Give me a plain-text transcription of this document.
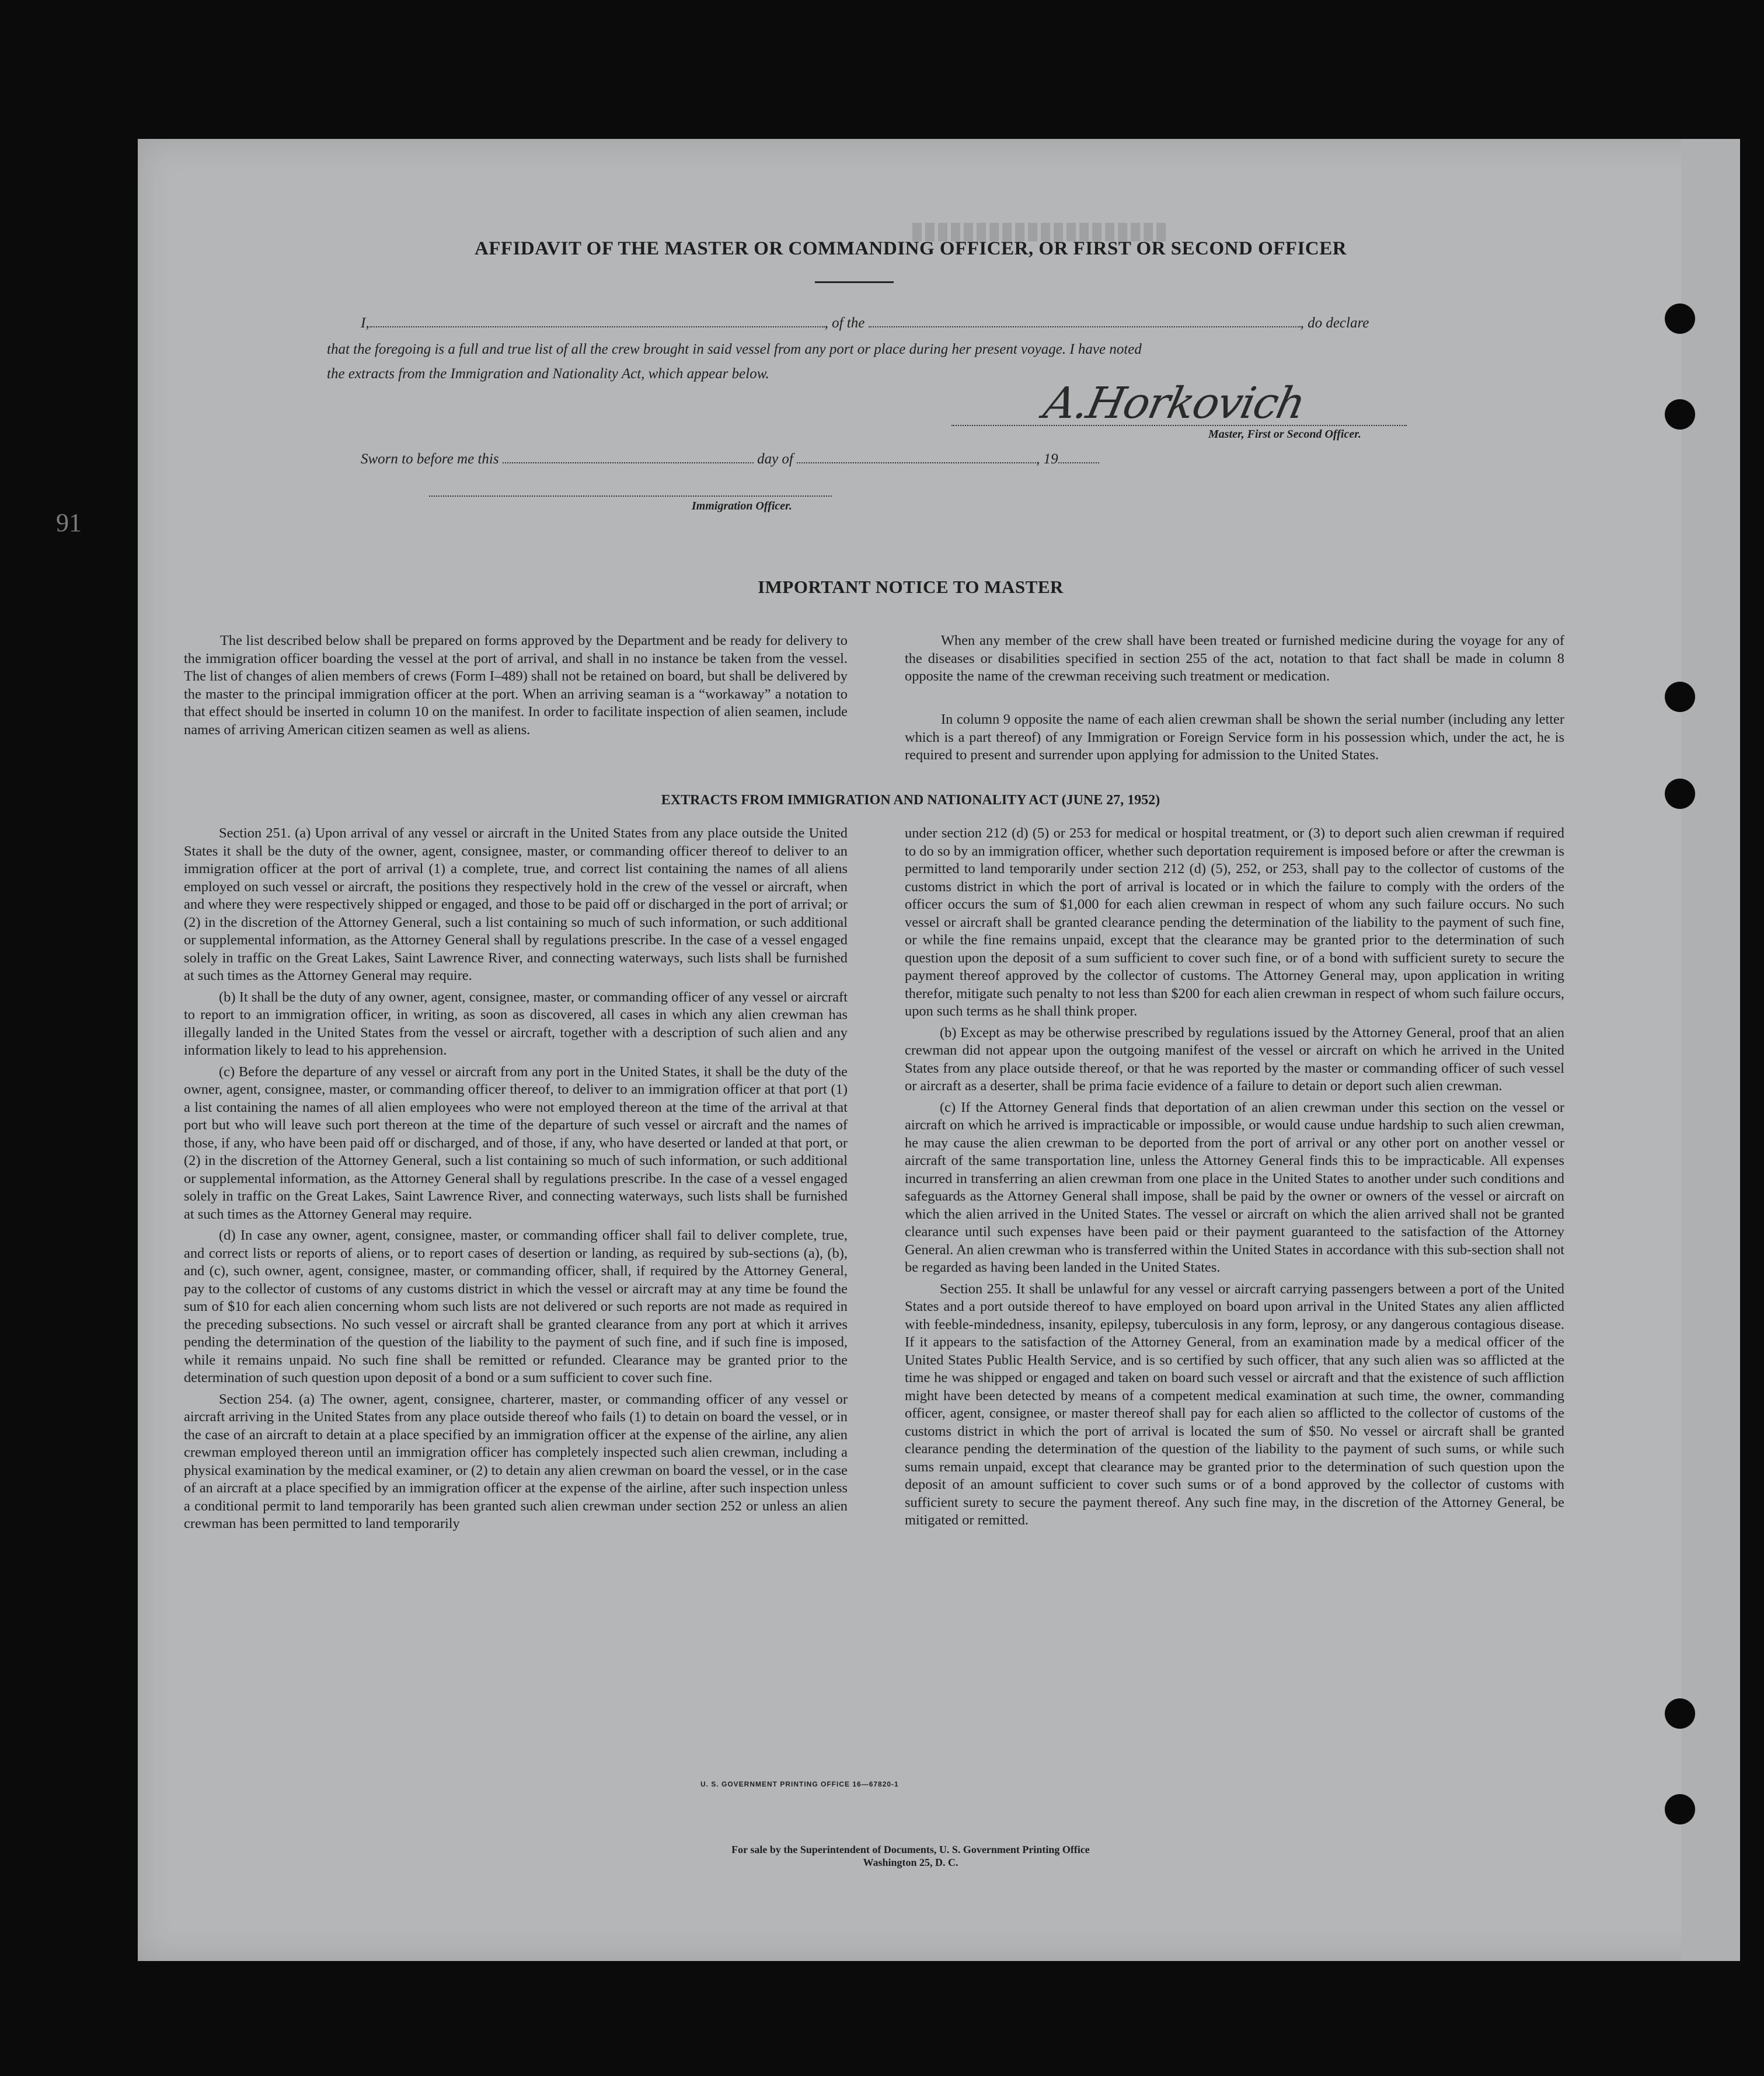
▮▮▮▮▮▮▮▮▮▮▮▮▮▮▮▮▮▮▮▮
91
AFFIDAVIT OF THE MASTER OR COMMANDING OFFICER, OR FIRST OR SECOND OFFICER
I,	, of the	, do declare
that the foregoing is a full and true list of all the crew brought in said vessel from any port or place during her present voyage. I have noted
the extracts from the Immigration and Nationality Act, which appear below.
A.Horkovich
Master, First or Second Officer.
Sworn to before me this	day of	, 19
Immigration Officer.
IMPORTANT NOTICE TO MASTER

The list described below shall be prepared on forms approved by the Department and be ready for delivery to the immigration officer boarding the vessel at the port of arrival, and shall in no instance be taken from the vessel. The list of changes of alien members of crews (Form I–489) shall not be retained on board, but shall be delivered by the master to the principal immigration officer at the port. When an arriving seaman is a “workaway” a notation to that effect should be inserted in column 10 on the manifest. In order to facilitate inspection of alien seamen, include names of arriving American citizen seamen as well as aliens.

When any member of the crew shall have been treated or furnished medicine during the voyage for any of the diseases or disabilities specified in section 255 of the act, notation to that fact shall be made in column 8 opposite the name of the crewman receiving such treatment or medication.

In column 9 opposite the name of each alien crewman shall be shown the serial number (including any letter which is a part thereof) of any Immigration or Foreign Service form in his possession which, under the act, he is required to present and surrender upon applying for admission to the United States.

EXTRACTS FROM IMMIGRATION AND NATIONALITY ACT (JUNE 27, 1952)

Section 251. (a) Upon arrival of any vessel or aircraft in the United States from any place outside the United States it shall be the duty of the owner, agent, consignee, master, or commanding officer thereof to deliver to an immigration officer at the port of arrival (1) a complete, true, and correct list containing the names of all aliens employed on such vessel or aircraft, the positions they respectively hold in the crew of the vessel or aircraft, when and where they were respectively shipped or engaged, and those to be paid off or discharged in the port of arrival; or (2) in the discretion of the Attorney General, such a list containing so much of such information, or such additional or supplemental information, as the Attorney General shall by regulations prescribe. In the case of a vessel engaged solely in traffic on the Great Lakes, Saint Lawrence River, and connecting waterways, such lists shall be furnished at such times as the Attorney General may require.

(b) It shall be the duty of any owner, agent, consignee, master, or commanding officer of any vessel or aircraft to report to an immigration officer, in writing, as soon as discovered, all cases in which any alien crewman has illegally landed in the United States from the vessel or aircraft, together with a description of such alien and any information likely to lead to his apprehension.

(c) Before the departure of any vessel or aircraft from any port in the United States, it shall be the duty of the owner, agent, consignee, master, or commanding officer thereof, to deliver to an immigration officer at that port (1) a list containing the names of all alien employees who were not employed thereon at the time of the arrival at that port but who will leave such port thereon at the time of the departure of such vessel or aircraft and the names of those, if any, who have been paid off or discharged, and of those, if any, who have deserted or landed at that port, or (2) in the discretion of the Attorney General, such a list containing so much of such information, or such additional or supplemental information, as the Attorney General shall by regulations prescribe. In the case of a vessel engaged solely in traffic on the Great Lakes, Saint Lawrence River, and connecting waterways, such lists shall be furnished at such times as the Attorney General may require.

(d) In case any owner, agent, consignee, master, or commanding officer shall fail to deliver complete, true, and correct lists or reports of aliens, or to report cases of desertion or landing, as required by sub-sections (a), (b), and (c), such owner, agent, consignee, master, or commanding officer, shall, if required by the Attorney General, pay to the collector of customs of any customs district in which the vessel or aircraft may at any time be found the sum of $10 for each alien concerning whom such lists are not delivered or such reports are not made as required in the preceding subsections. No such vessel or aircraft shall be granted clearance from any port at which it arrives pending the determination of the question of the liability to the payment of such fine, and if such fine is imposed, while it remains unpaid. No such fine shall be remitted or refunded. Clearance may be granted prior to the determination of such question upon deposit of a bond or a sum sufficient to cover such fine.

Section 254. (a) The owner, agent, consignee, charterer, master, or commanding officer of any vessel or aircraft arriving in the United States from any place outside thereof who fails (1) to detain on board the vessel, or in the case of an aircraft to detain at a place specified by an immigration officer at the expense of the airline, any alien crewman employed thereon until an immigration officer has completely inspected such alien crewman, including a physical examination by the medical examiner, or (2) to detain any alien crewman on board the vessel, or in the case of an aircraft at a place specified by an immigration officer at the expense of the airline, after such inspection unless a conditional permit to land temporarily has been granted such alien crewman under section 252 or unless an alien crewman has been permitted to land temporarily

under section 212 (d) (5) or 253 for medical or hospital treatment, or (3) to deport such alien crewman if required to do so by an immigration officer, whether such deportation requirement is imposed before or after the crewman is permitted to land temporarily under section 212 (d) (5), 252, or 253, shall pay to the collector of customs of the customs district in which the port of arrival is located or in which the failure to comply with the orders of the officer occurs the sum of $1,000 for each alien crewman in respect of whom any such failure occurs. No such vessel or aircraft shall be granted clearance pending the determination of the liability to the payment of such fine, or while the fine remains unpaid, except that the clearance may be granted prior to the determination of such question upon the deposit of a sum sufficient to cover such fine, or of a bond with sufficient surety to secure the payment thereof approved by the collector of customs. The Attorney General may, upon application in writing therefor, mitigate such penalty to not less than $200 for each alien crewman in respect of whom such failure occurs, upon such terms as he shall think proper.

(b) Except as may be otherwise prescribed by regulations issued by the Attorney General, proof that an alien crewman did not appear upon the outgoing manifest of the vessel or aircraft on which he arrived in the United States from any place outside thereof, or that he was reported by the master or commanding officer of such vessel or aircraft as a deserter, shall be prima facie evidence of a failure to detain or deport such alien crewman.

(c) If the Attorney General finds that deportation of an alien crewman under this section on the vessel or aircraft on which he arrived is impracticable or impossible, or would cause undue hardship to such alien crewman, he may cause the alien crewman to be deported from the port of arrival or any other port on another vessel or aircraft of the same transportation line, unless the Attorney General finds this to be impracticable. All expenses incurred in transferring an alien crewman from one place in the United States to another under such conditions and safeguards as the Attorney General shall impose, shall be paid by the owner or owners of the vessel or aircraft on which the alien arrived in the United States. The vessel or aircraft on which the alien arrived shall not be granted clearance until such expenses have been paid or their payment guaranteed to the satisfaction of the Attorney General. An alien crewman who is transferred within the United States in accordance with this sub-section shall not be regarded as having been landed in the United States.

Section 255. It shall be unlawful for any vessel or aircraft carrying passengers between a port of the United States and a port outside thereof to have employed on board upon arrival in the United States any alien afflicted with feeble-mindedness, insanity, epilepsy, tuberculosis in any form, leprosy, or any dangerous contagious disease. If it appears to the satisfaction of the Attorney General, from an examination made by a medical officer of the United States Public Health Service, and is so certified by such officer, that any such alien was so afflicted at the time he was shipped or engaged and taken on board such vessel or aircraft and that the existence of such affliction might have been detected by means of a competent medical examination at such time, the owner, commanding officer, agent, consignee, or master thereof shall pay for each alien so afflicted to the collector of customs of the customs district in which the port of arrival is located the sum of $50. No vessel or aircraft shall be granted clearance pending the determination of the question of the liability to the payment of such sums, or while such sums remain unpaid, except that clearance may be granted prior to the determination of such question upon the deposit of an amount sufficient to cover such sums or of a bond approved by the collector of customs with sufficient surety to secure the payment thereof. Any such fine may, in the discretion of the Attorney General, be mitigated or remitted.

U. S. GOVERNMENT PRINTING OFFICE 16—67820-1
For sale by the Superintendent of Documents, U. S. Government Printing Office
Washington 25, D. C.
